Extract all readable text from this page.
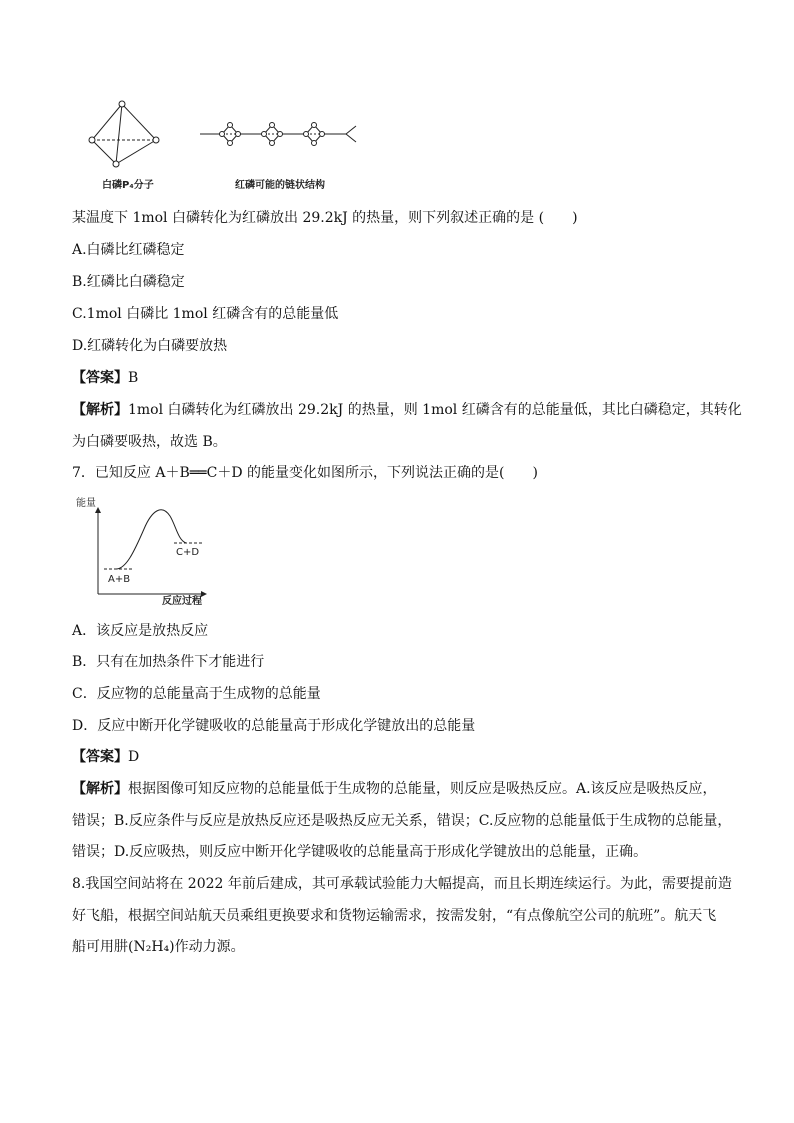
白磷P₄分子	红磷可能的链状结构
某温度下 1mol 白磷转化为红磷放出 29.2kJ 的热量，则下列叙述正确的是 (　　)
A.白磷比红磷稳定
B.红磷比白磷稳定
C.1mol 白磷比 1mol 红磷含有的总能量低
D.红磷转化为白磷要放热
【答案】B
【解析】1mol 白磷转化为红磷放出 29.2kJ 的热量，则 1mol 红磷含有的总能量低，其比白磷稳定，其转化
为白磷要吸热，故选 B。
7．已知反应 A＋B══C＋D 的能量变化如图所示，下列说法正确的是(　　)
能量
A+B
C+D
反应过程
A．该反应是放热反应
B．只有在加热条件下才能进行
C．反应物的总能量高于生成物的总能量
D．反应中断开化学键吸收的总能量高于形成化学键放出的总能量
【答案】D
【解析】根据图像可知反应物的总能量低于生成物的总能量，则反应是吸热反应。A.该反应是吸热反应，
错误；B.反应条件与反应是放热反应还是吸热反应无关系，错误；C.反应物的总能量低于生成物的总能量，
错误；D.反应吸热，则反应中断开化学键吸收的总能量高于形成化学键放出的总能量，正确。
8.我国空间站将在 2022 年前后建成，其可承载试验能力大幅提高，而且长期连续运行。为此，需要提前造
好飞船，根据空间站航天员乘组更换要求和货物运输需求，按需发射，“有点像航空公司的航班”。航天飞
船可用肼(N₂H₄)作动力源。
